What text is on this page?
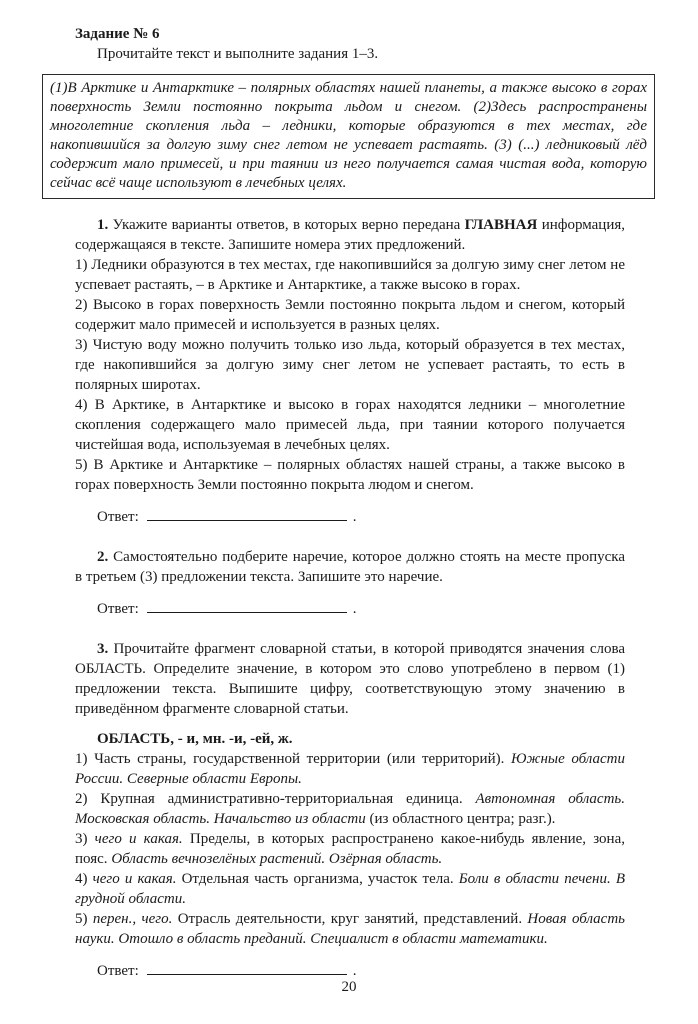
Задание № 6

Прочитайте текст и выполните задания 1–3.

(1)В Арктике и Антарктике – полярных областях нашей планеты, а также высоко в горах поверхность Земли постоянно покрыта льдом и снегом. (2)Здесь распространены многолетние скопления льда – ледники, которые образуются в тех местах, где накопившийся за долгую зиму снег летом не успевает растаять. (3) (...) ледниковый лёд содержит мало примесей, и при таянии из него получается самая чистая вода, которую сейчас всё чаще используют в лечебных целях.

1. Укажите варианты ответов, в которых верно передана ГЛАВНАЯ информация, содержащаяся в тексте. Запишите номера этих предложений.

1) Ледники образуются в тех местах, где накопившийся за долгую зиму снег летом не успевает растаять, – в Арктике и Антарктике, а также высоко в горах.

2) Высоко в горах поверхность Земли постоянно покрыта льдом и снегом, который содержит мало примесей и используется в разных целях.

3) Чистую воду можно получить только изо льда, который образуется в тех местах, где накопившийся за долгую зиму снег летом не успевает растаять, то есть в полярных широтах.

4) В Арктике, в Антарктике и высоко в горах находятся ледники – многолетние скопления содержащего мало примесей льда, при таянии которого получается чистейшая вода, используемая в лечебных целях.

5) В Арктике и Антарктике – полярных областях нашей страны, а также высоко в горах поверхность Земли постоянно покрыта людом и снегом.

Ответ:	.

2. Самостоятельно подберите наречие, которое должно стоять на месте пропуска в третьем (3) предложении текста. Запишите это наречие.

Ответ:	.

3. Прочитайте фрагмент словарной статьи, в которой приводятся значения слова ОБЛАСТЬ. Определите значение, в котором это слово употреблено в первом (1) предложении текста. Выпишите цифру, соответствующую этому значению в приведённом фрагменте словарной статьи.

ОБЛАСТЬ, - и, мн. -и, -ей, ж.

1) Часть страны, государственной территории (или территорий). Южные области России. Северные области Европы.

2) Крупная административно-территориальная единица. Автономная область. Московская область. Начальство из области (из областного центра; разг.).

3) чего и какая. Пределы, в которых распространено какое-нибудь явление, зона, пояс. Область вечнозелёных растений. Озёрная область.

4) чего и какая. Отдельная часть организма, участок тела. Боли в области печени. В грудной области.

5) перен., чего. Отрасль деятельности, круг занятий, представлений. Новая область науки. Отошло в область преданий. Специалист в области математики.

Ответ:	.

20
